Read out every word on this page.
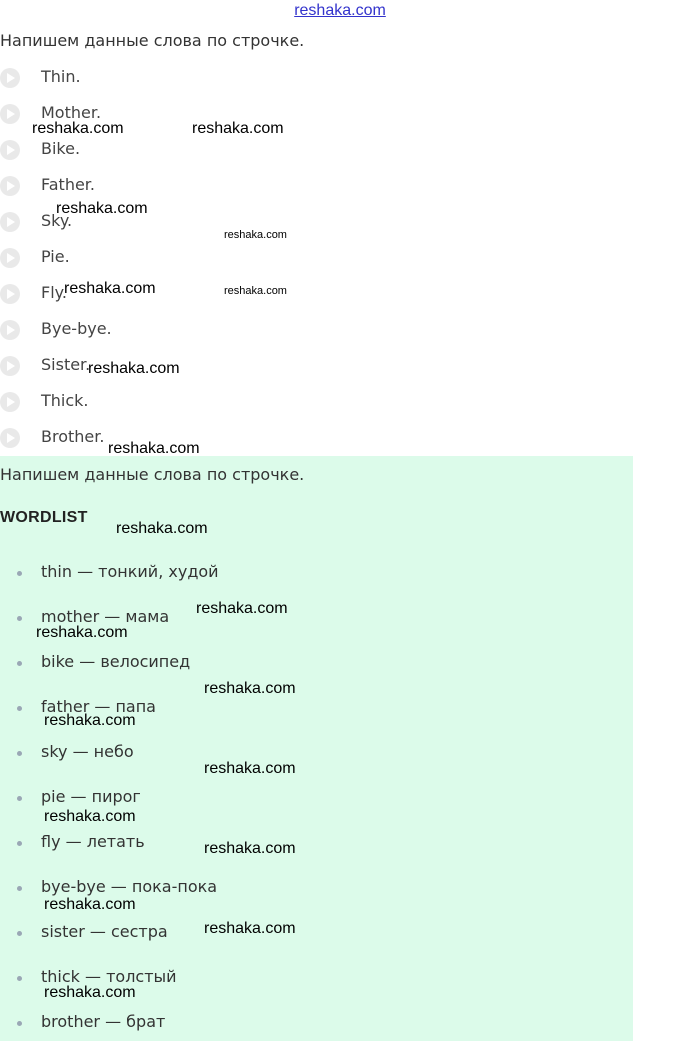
reshaka.com
Напишем данные слова по строчке.
Thin.
Mother.
Bike.
Father.
Sky.
Pie.
Fly.
Bye-bye.
Sister.
Thick.
Brother.
Напишем данные слова по строчке.
WORDLIST
thin — тонкий, худой
mother — мама
bike — велосипед
father — папа
sky — небо
pie — пирог
fly — летать
bye-bye — пока-пока
sister — сестра
thick — толстый
brother — брат
reshaka.com	reshaka.com
reshaka.com
reshaka.com
reshaka.com	reshaka.com
reshaka.com
reshaka.com
reshaka.com
reshaka.com
reshaka.com
reshaka.com
reshaka.com
reshaka.com
reshaka.com
reshaka.com
reshaka.com
reshaka.com
reshaka.com
